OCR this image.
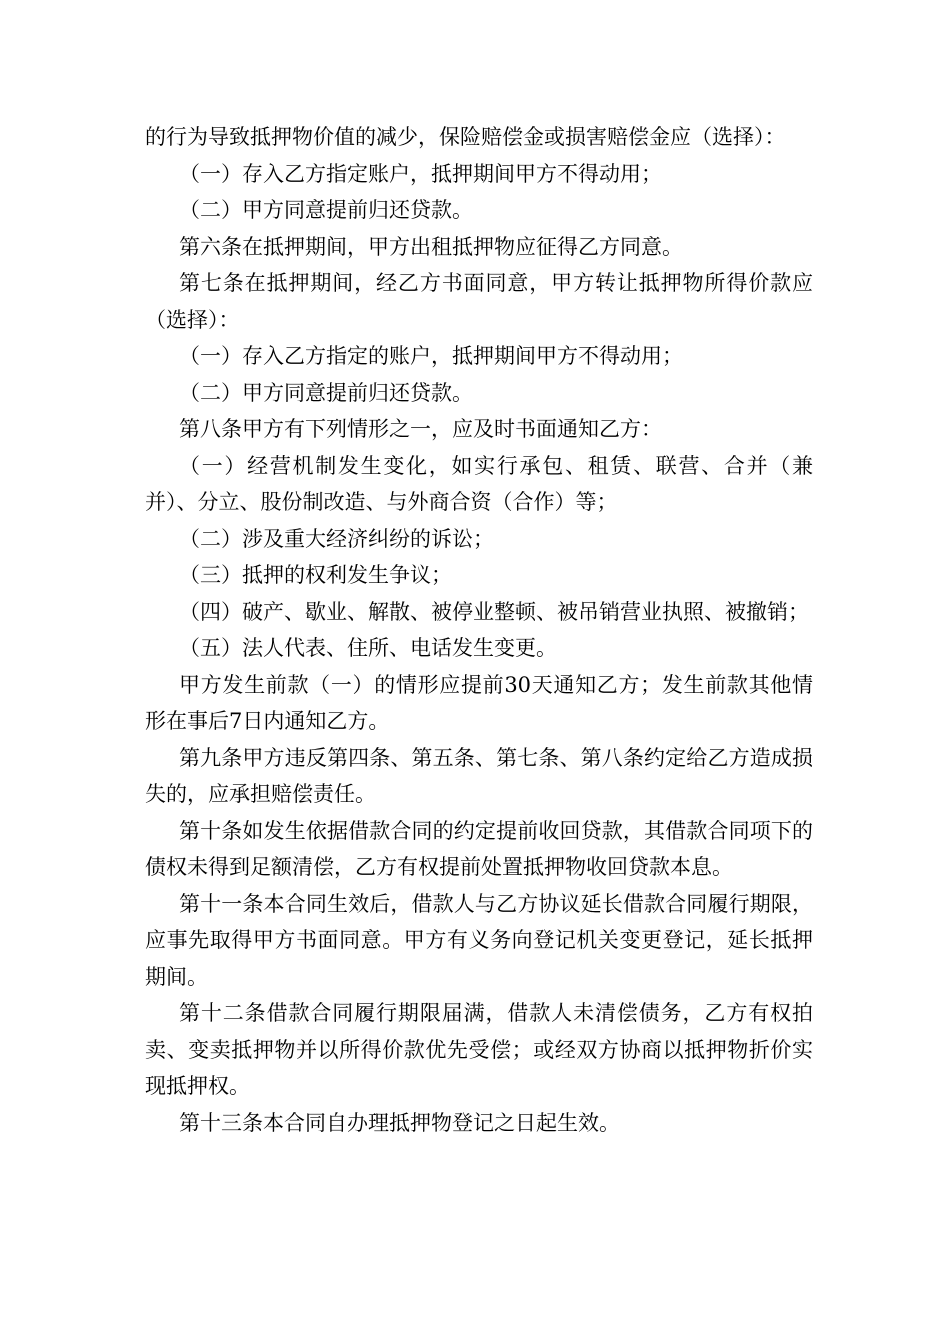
的行为导致抵押物价值的减少，保险赔偿金或损害赔偿金应（选择）：

（一）存入乙方指定账户，抵押期间甲方不得动用；

（二）甲方同意提前归还贷款。

第六条在抵押期间，甲方出租抵押物应征得乙方同意。

第七条在抵押期间，经乙方书面同意，甲方转让抵押物所得价款应（选择）：

（一）存入乙方指定的账户，抵押期间甲方不得动用；

（二）甲方同意提前归还贷款。

第八条甲方有下列情形之一，应及时书面通知乙方：

（一）经营机制发生变化，如实行承包、租赁、联营、合并（兼并）、分立、股份制改造、与外商合资（合作）等；

（二）涉及重大经济纠纷的诉讼；

（三）抵押的权利发生争议；

（四）破产、歇业、解散、被停业整顿、被吊销营业执照、被撤销；

（五）法人代表、住所、电话发生变更。

甲方发生前款（一）的情形应提前30天通知乙方；发生前款其他情形在事后7日内通知乙方。

第九条甲方违反第四条、第五条、第七条、第八条约定给乙方造成损失的，应承担赔偿责任。

第十条如发生依据借款合同的约定提前收回贷款，其借款合同项下的债权未得到足额清偿，乙方有权提前处置抵押物收回贷款本息。

第十一条本合同生效后，借款人与乙方协议延长借款合同履行期限，应事先取得甲方书面同意。甲方有义务向登记机关变更登记，延长抵押期间。

第十二条借款合同履行期限届满，借款人未清偿债务，乙方有权拍卖、变卖抵押物并以所得价款优先受偿；或经双方协商以抵押物折价实现抵押权。

第十三条本合同自办理抵押物登记之日起生效。
